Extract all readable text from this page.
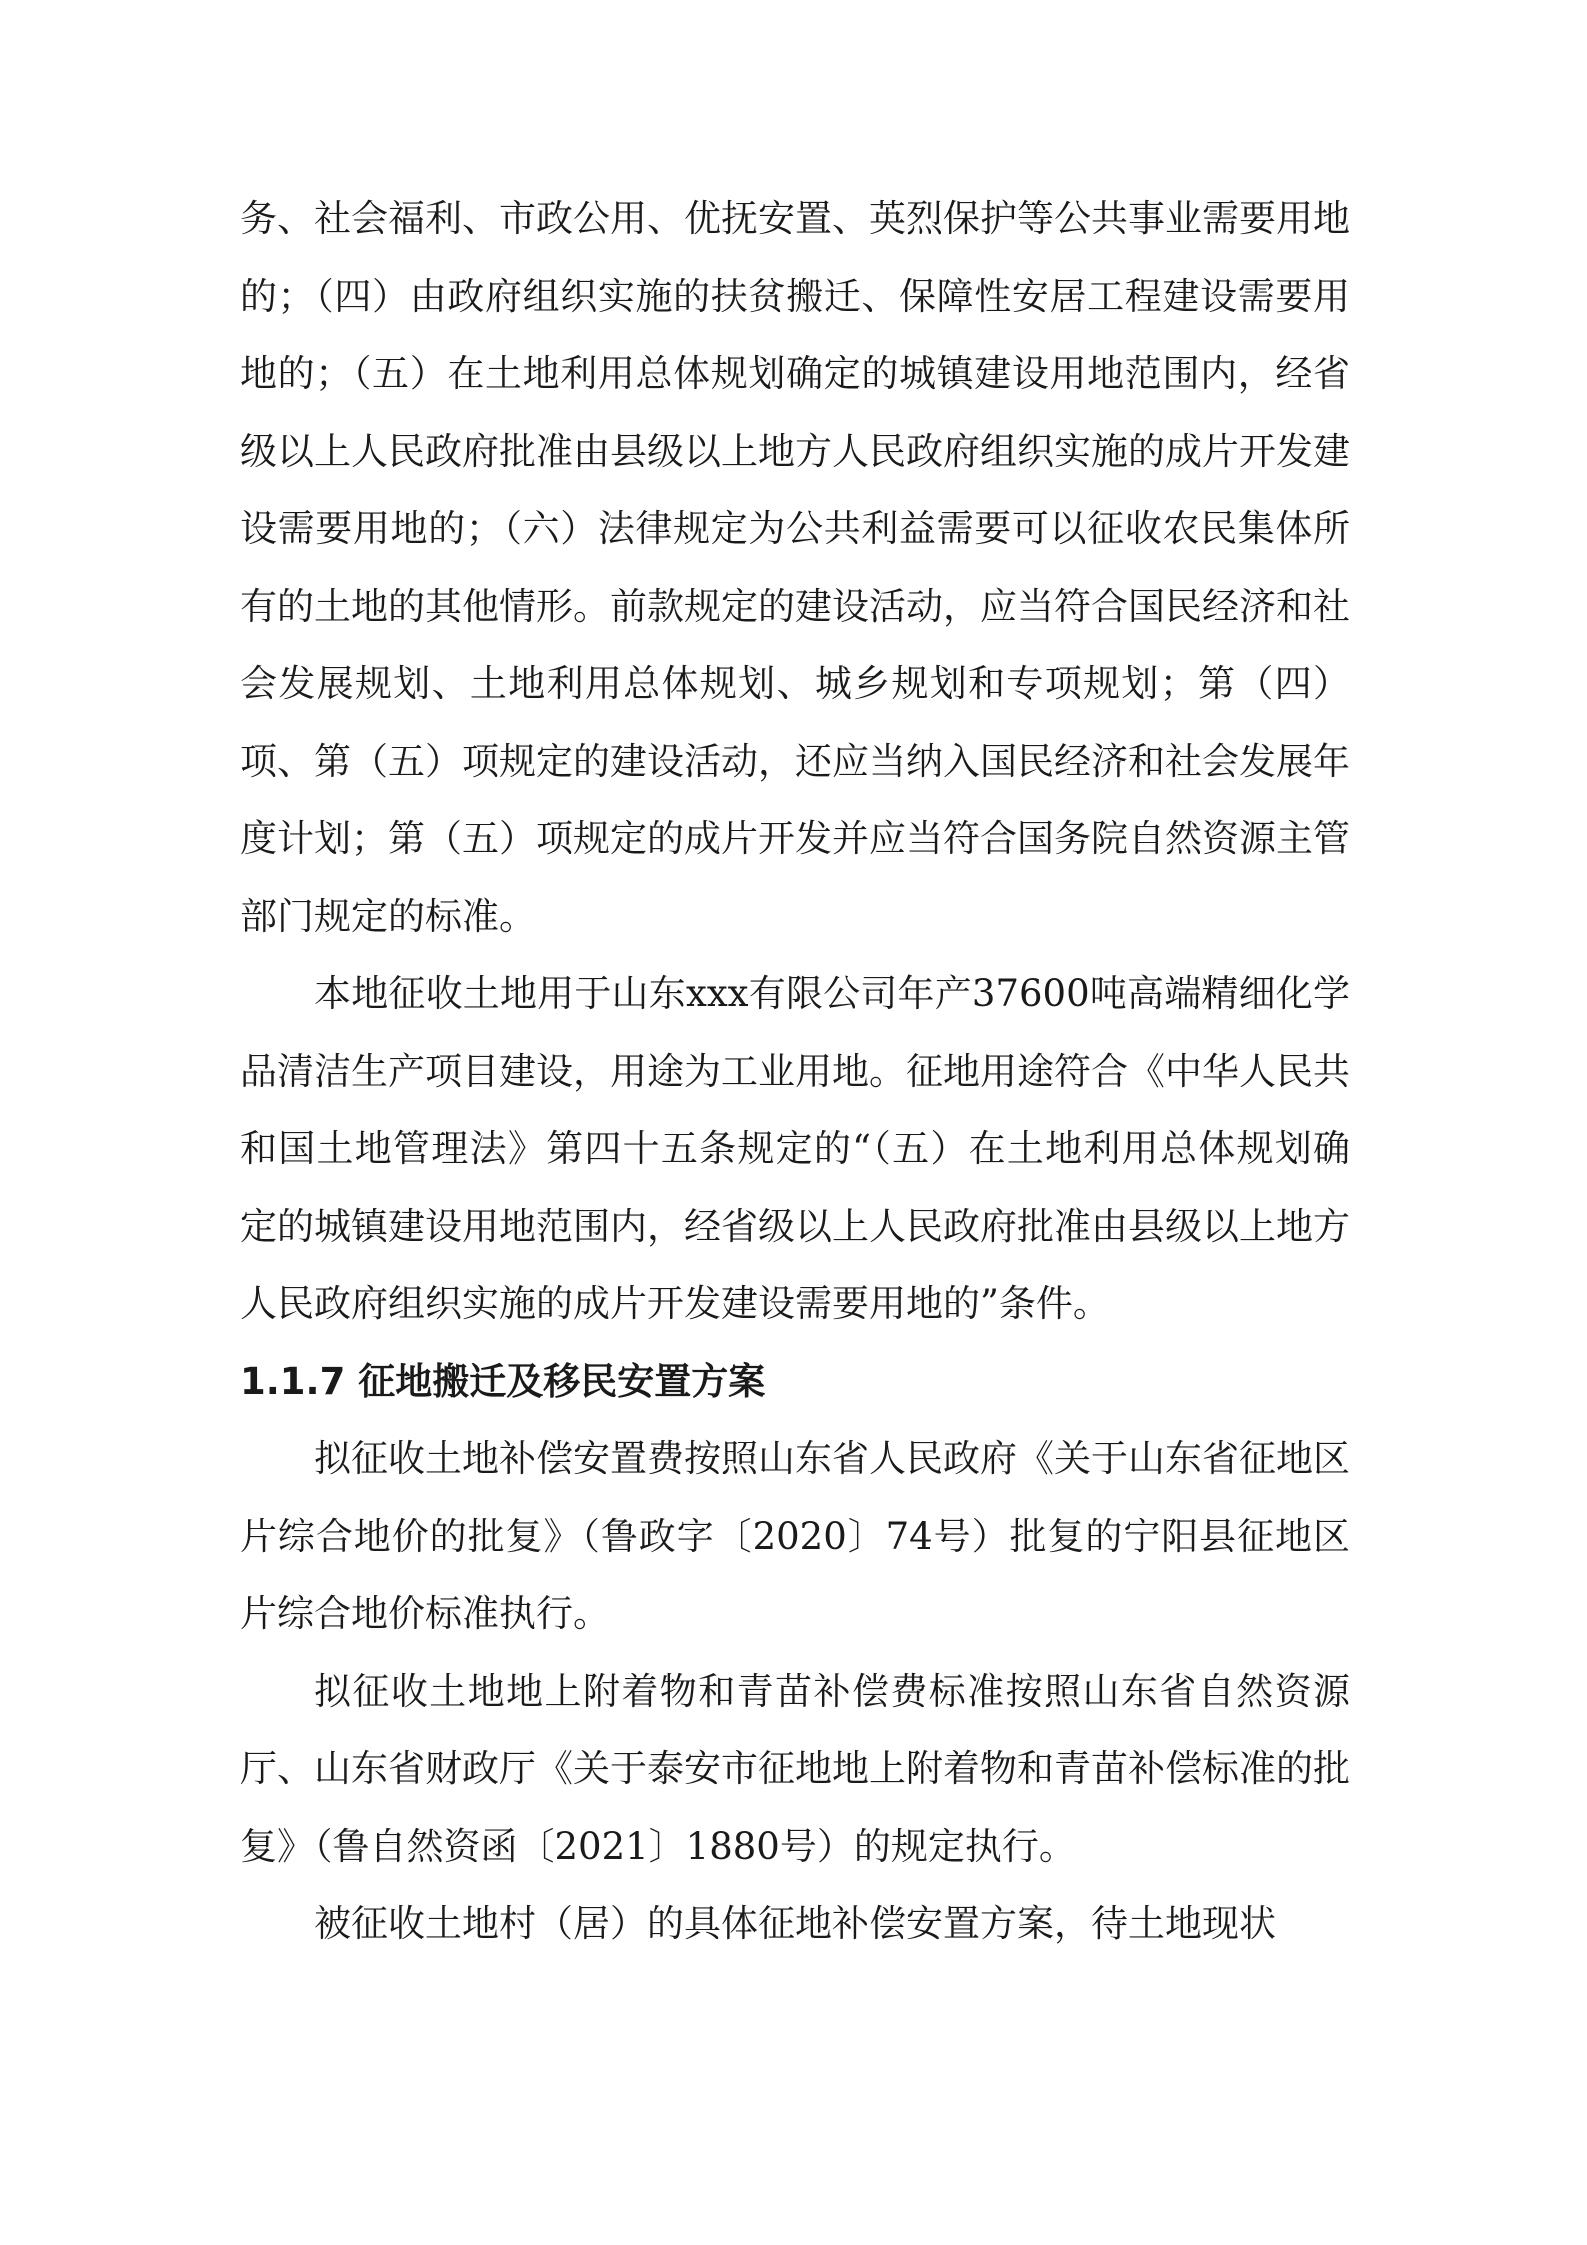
务、社会福利、市政公用、优抚安置、英烈保护等公共事业需要用地的；（四）由政府组织实施的扶贫搬迁、保障性安居工程建设需要用地的；（五）在土地利用总体规划确定的城镇建设用地范围内，经省级以上人民政府批准由县级以上地方人民政府组织实施的成片开发建设需要用地的；（六）法律规定为公共利益需要可以征收农民集体所有的土地的其他情形。前款规定的建设活动，应当符合国民经济和社会发展规划、土地利用总体规划、城乡规划和专项规划；第（四）项、第（五）项规定的建设活动，还应当纳入国民经济和社会发展年度计划；第（五）项规定的成片开发并应当符合国务院自然资源主管部门规定的标准。

本地征收土地用于山东xxx有限公司年产37600吨高端精细化学品清洁生产项目建设，用途为工业用地。征地用途符合《中华人民共和国土地管理法》第四十五条规定的“（五）在土地利用总体规划确定的城镇建设用地范围内，经省级以上人民政府批准由县级以上地方人民政府组织实施的成片开发建设需要用地的”条件。

1.1.7 征地搬迁及移民安置方案

拟征收土地补偿安置费按照山东省人民政府《关于山东省征地区片综合地价的批复》（鲁政字〔2020〕74号）批复的宁阳县征地区片综合地价标准执行。

拟征收土地地上附着物和青苗补偿费标准按照山东省自然资源厅、山东省财政厅《关于泰安市征地地上附着物和青苗补偿标准的批复》（鲁自然资函〔2021〕1880号）的规定执行。

被征收土地村（居）的具体征地补偿安置方案，待土地现状
